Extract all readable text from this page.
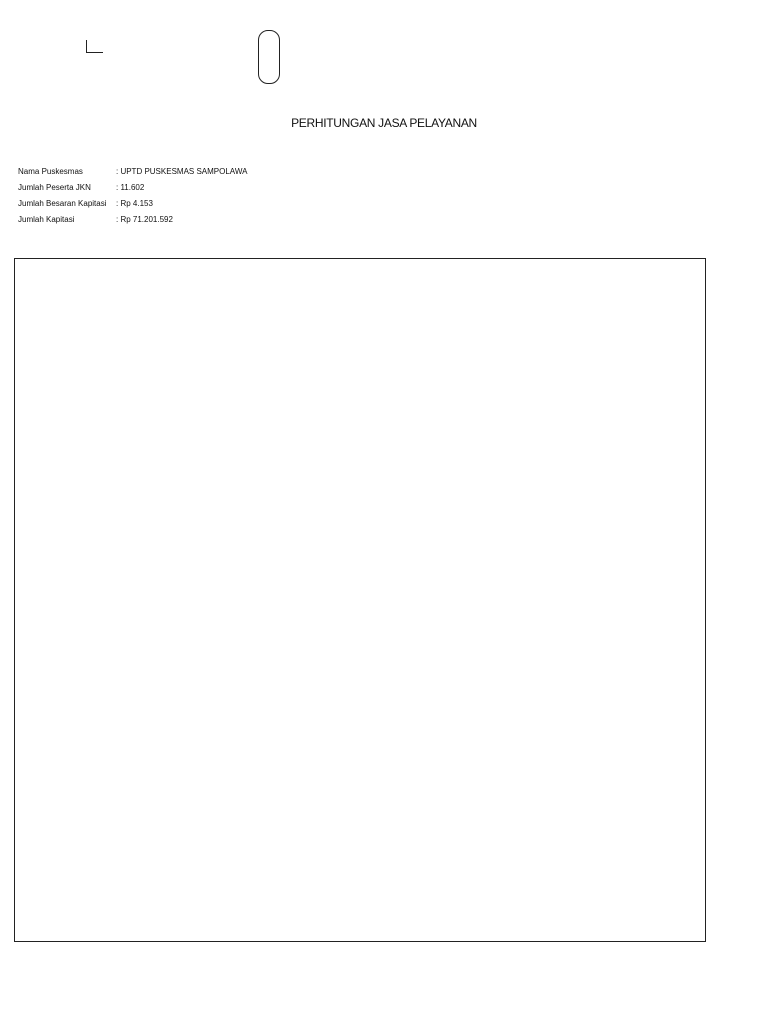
PERHITUNGAN JASA PELAYANAN
Nama Puskesmas	: UPTD PUSKESMAS SAMPOLAWA
Jumlah Peserta JKN	: 11.602
Jumlah Besaran Kapitasi	: Rp 4.153
Jumlah Kapitasi	: Rp 71.201.592
